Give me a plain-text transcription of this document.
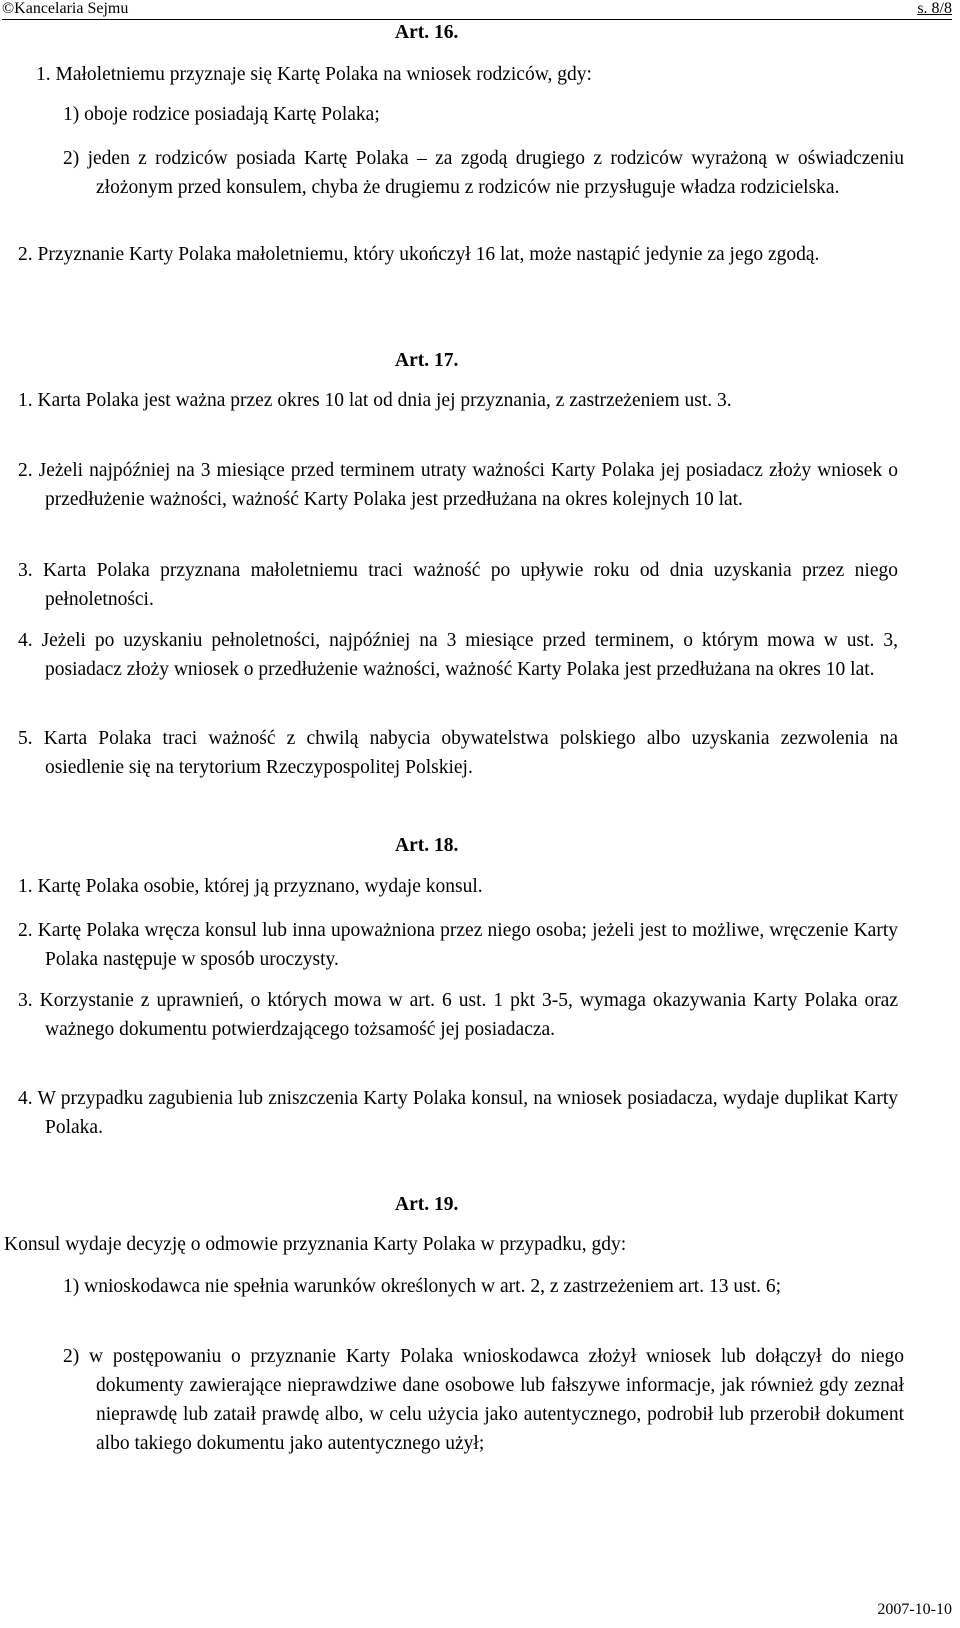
©Kancelaria Sejmu	s. 8/8
Art. 16.
1. Małoletniemu przyznaje się Kartę Polaka na wniosek rodziców, gdy:
1) oboje rodzice posiadają Kartę Polaka;
2) jeden z rodziców posiada Kartę Polaka – za zgodą drugiego z rodziców wyrażoną w oświadczeniu złożonym przed konsulem, chyba że drugiemu z rodziców nie przysługuje władza rodzicielska.
2. Przyznanie Karty Polaka małoletniemu, który ukończył 16 lat, może nastąpić jedynie za jego zgodą.
Art. 17.
1. Karta Polaka jest ważna przez okres 10 lat od dnia jej przyznania, z zastrzeżeniem ust. 3.
2. Jeżeli najpóźniej na 3 miesiące przed terminem utraty ważności Karty Polaka jej posiadacz złoży wniosek o przedłużenie ważności, ważność Karty Polaka jest przedłużana na okres kolejnych 10 lat.
3. Karta Polaka przyznana małoletniemu traci ważność po upływie roku od dnia uzyskania przez niego pełnoletności.
4. Jeżeli po uzyskaniu pełnoletności, najpóźniej na 3 miesiące przed terminem, o którym mowa w ust. 3, posiadacz złoży wniosek o przedłużenie ważności, ważność Karty Polaka jest przedłużana na okres 10 lat.
5. Karta Polaka traci ważność z chwilą nabycia obywatelstwa polskiego albo uzyskania zezwolenia na osiedlenie się na terytorium Rzeczypospolitej Polskiej.
Art. 18.
1. Kartę Polaka osobie, której ją przyznano, wydaje konsul.
2. Kartę Polaka wręcza konsul lub inna upoważniona przez niego osoba; jeżeli jest to możliwe, wręczenie Karty Polaka następuje w sposób uroczysty.
3. Korzystanie z uprawnień, o których mowa w art. 6 ust. 1 pkt 3-5, wymaga okazywania Karty Polaka oraz ważnego dokumentu potwierdzającego tożsamość jej posiadacza.
4. W przypadku zagubienia lub zniszczenia Karty Polaka konsul, na wniosek posiadacza, wydaje duplikat Karty Polaka.
Art. 19.
Konsul wydaje decyzję o odmowie przyznania Karty Polaka w przypadku, gdy:
1) wnioskodawca nie spełnia warunków określonych w art. 2, z zastrzeżeniem art. 13 ust. 6;
2) w postępowaniu o przyznanie Karty Polaka wnioskodawca złożył wniosek lub dołączył do niego dokumenty zawierające nieprawdziwe dane osobowe lub fałszywe informacje, jak również gdy zeznał nieprawdę lub zataił prawdę albo, w celu użycia jako autentycznego, podrobił lub przerobił dokument albo takiego dokumentu jako autentycznego użył;
2007-10-10
